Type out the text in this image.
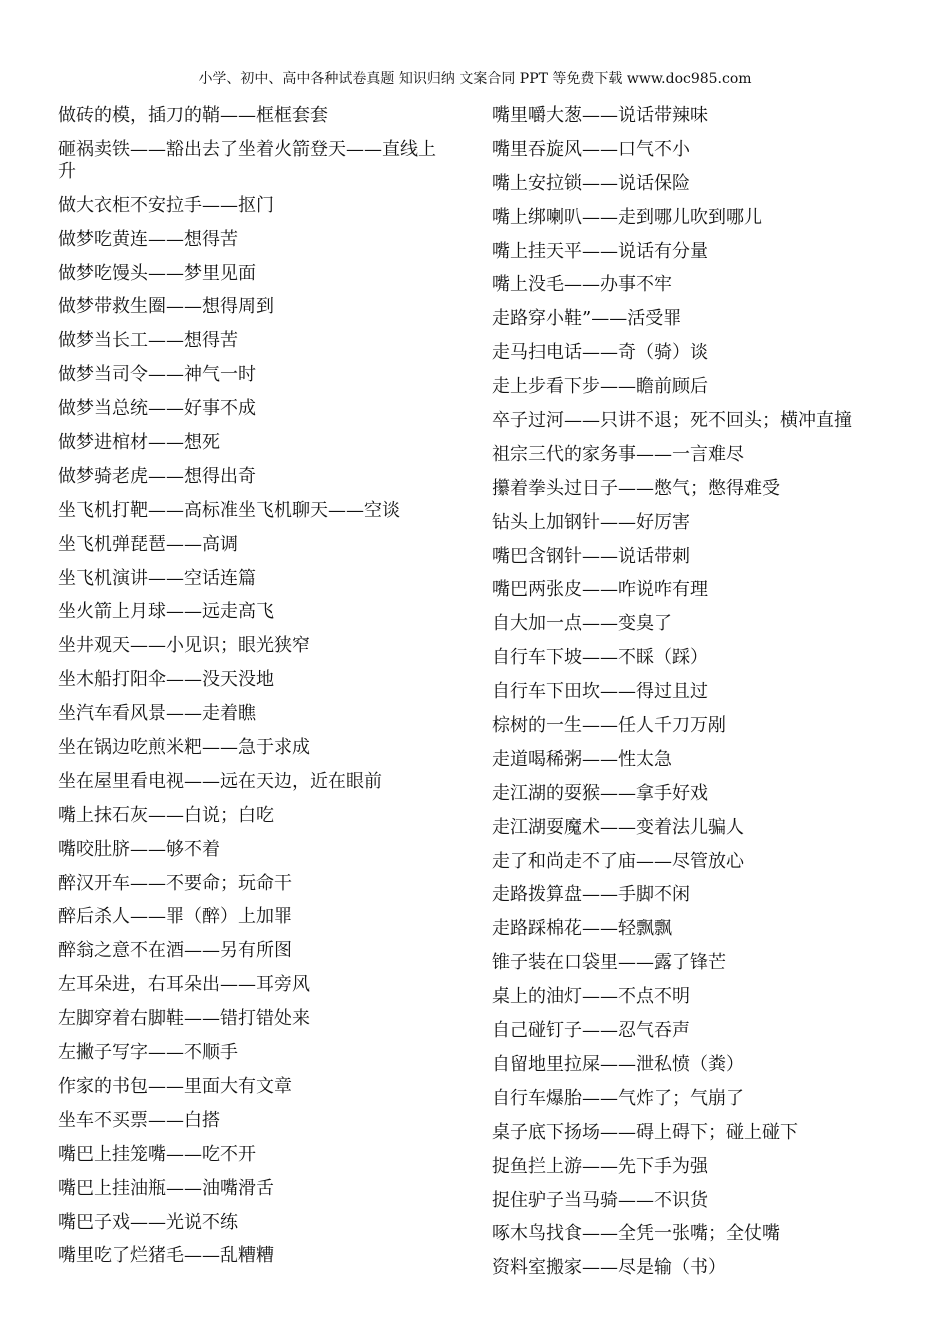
小学、初中、高中各种试卷真题 知识归纳 文案合同 PPT 等免费下载 www.doc985.com
做砖的模，插刀的鞘——框框套套
砸祸卖铁——豁出去了坐着火箭登天——直线上升
做大衣柜不安拉手——抠门
做梦吃黄连——想得苦
做梦吃馒头——梦里见面
做梦带救生圈——想得周到
做梦当长工——想得苦
做梦当司令——神气一时
做梦当总统——好事不成
做梦进棺材——想死
做梦骑老虎——想得出奇
坐飞机打靶——高标准坐飞机聊天——空谈
坐飞机弹琵琶——高调
坐飞机演讲——空话连篇
坐火箭上月球——远走高飞
坐井观天——小见识；眼光狭窄
坐木船打阳伞——没天没地
坐汽车看风景——走着瞧
坐在锅边吃煎米粑——急于求成
坐在屋里看电视——远在天边，近在眼前
嘴上抹石灰——白说；白吃
嘴咬肚脐——够不着
醉汉开车——不要命；玩命干
醉后杀人——罪（醉）上加罪
醉翁之意不在酒——另有所图
左耳朵进，右耳朵出——耳旁风
左脚穿着右脚鞋——错打错处来
左撇子写字——不顺手
作家的书包——里面大有文章
坐车不买票——白搭
嘴巴上挂笼嘴——吃不开
嘴巴上挂油瓶——油嘴滑舌
嘴巴子戏——光说不练
嘴里吃了烂猪毛——乱糟糟
嘴里嚼大葱——说话带辣味
嘴里吞旋风——口气不小
嘴上安拉锁——说话保险
嘴上绑喇叭——走到哪儿吹到哪儿
嘴上挂天平——说话有分量
嘴上没毛——办事不牢
走路穿小鞋”——活受罪
走马扫电话——奇（骑）谈
走上步看下步——瞻前顾后
卒子过河——只讲不退；死不回头；横冲直撞
祖宗三代的家务事——一言难尽
攥着拳头过日子——憋气；憋得难受
钻头上加钢针——好厉害
嘴巴含钢针——说话带刺
嘴巴两张皮——咋说咋有理
自大加一点——变臭了
自行车下坡——不睬（踩）
自行车下田坎——得过且过
棕树的一生——任人千刀万剐
走道喝稀粥——性太急
走江湖的耍猴——拿手好戏
走江湖耍魔术——变着法儿骗人
走了和尚走不了庙——尽管放心
走路拨算盘——手脚不闲
走路踩棉花——轻飘飘
锥子装在口袋里——露了锋芒
桌上的油灯——不点不明
自己碰钉子——忍气吞声
自留地里拉屎——泄私愤（粪）
自行车爆胎——气炸了；气崩了
桌子底下扬场——碍上碍下；碰上碰下
捉鱼拦上游——先下手为强
捉住驴子当马骑——不识货
啄木鸟找食——全凭一张嘴；全仗嘴
资料室搬家——尽是输（书）
